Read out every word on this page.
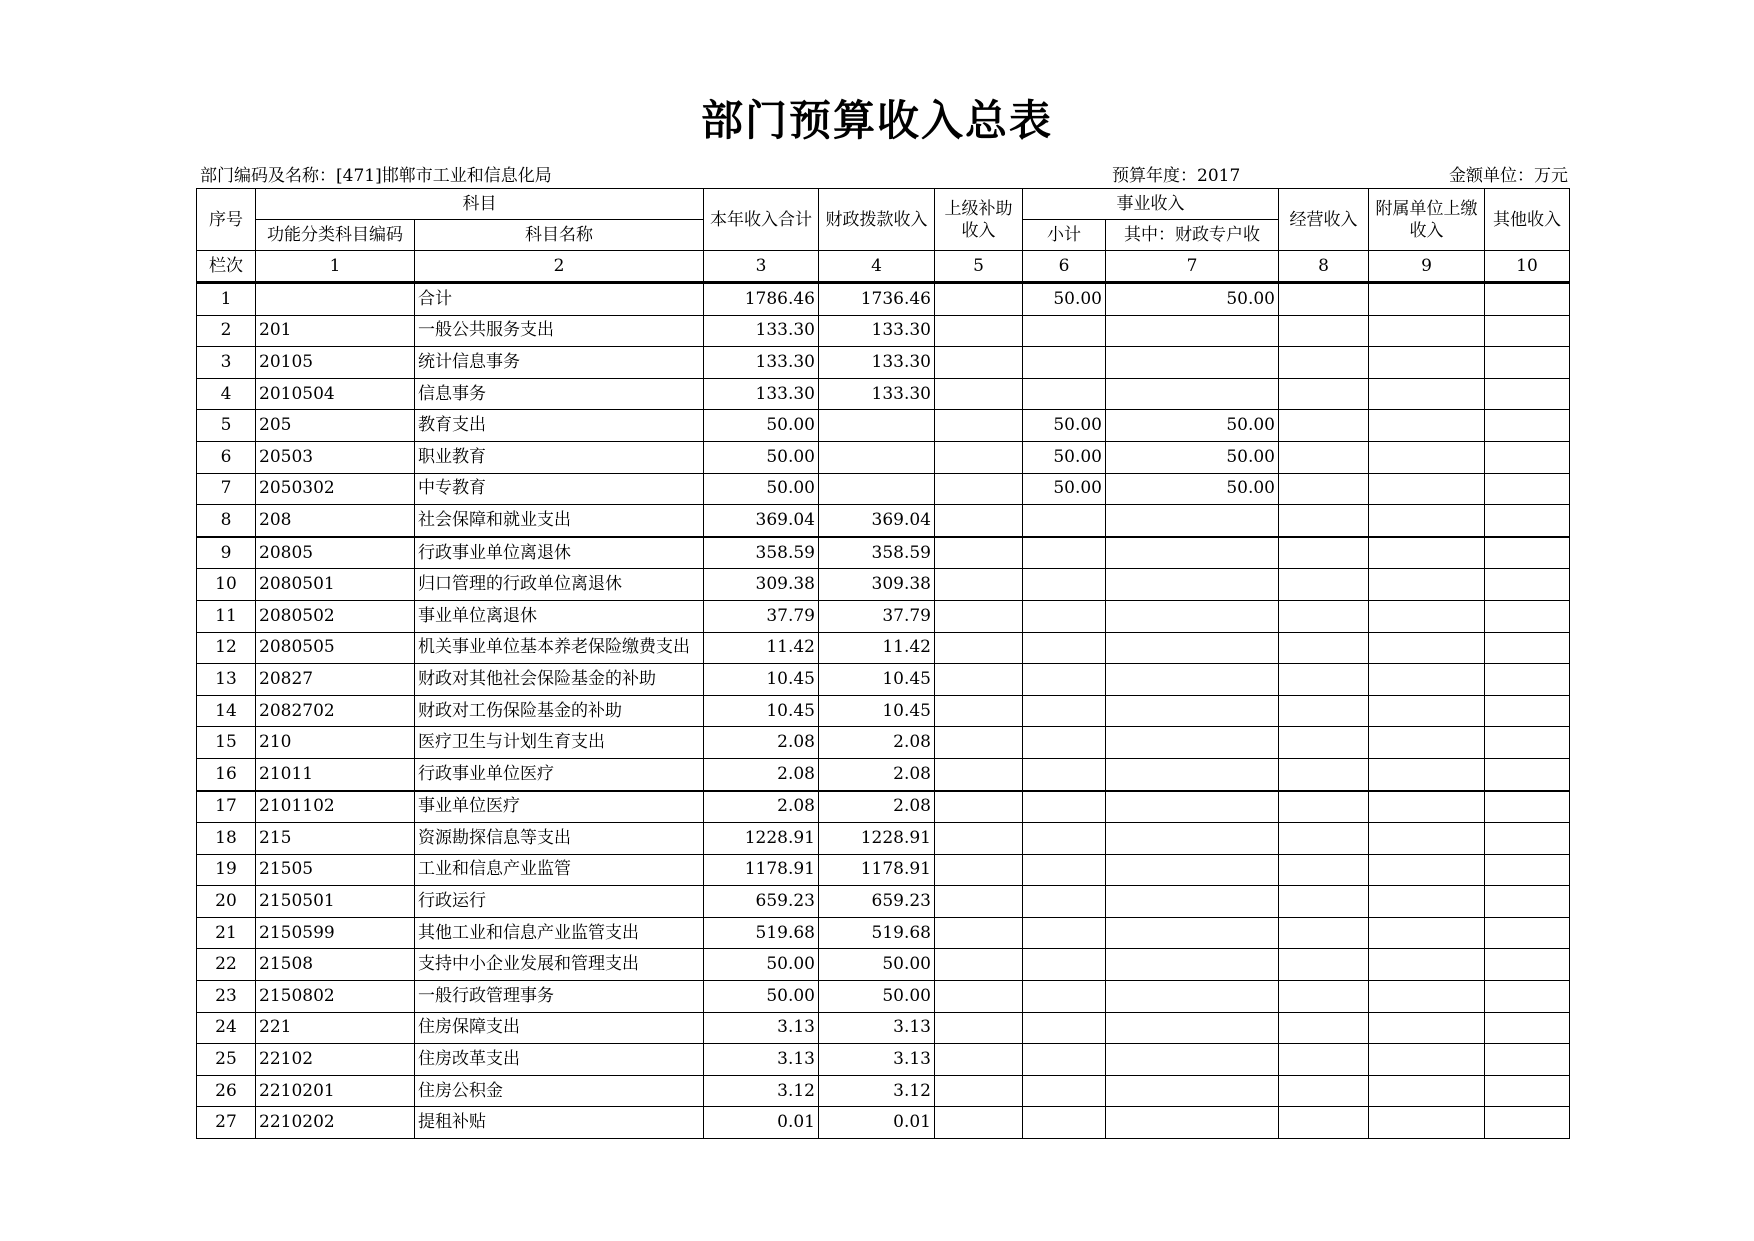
部门预算收入总表
部门编码及名称：[471]邯郸市工业和信息化局	预算年度：2017	金额单位：万元
序号	科目		本年收入合计	财政拨款收入	上级补助收入	事业收入		经营收入	附属单位上缴收入	其他收入
	功能分类科目编码	科目名称				小计	其中：财政专户收			
栏次	1	2	3	4	5	6	7	8	9	10
1		合计	1786.46	1736.46		50.00	50.00			
2	201	一般公共服务支出	133.30	133.30						
3	20105	统计信息事务	133.30	133.30						
4	2010504	信息事务	133.30	133.30						
5	205	教育支出	50.00			50.00	50.00			
6	20503	职业教育	50.00			50.00	50.00			
7	2050302	中专教育	50.00			50.00	50.00			
8	208	社会保障和就业支出	369.04	369.04						
9	20805	行政事业单位离退休	358.59	358.59						
10	2080501	归口管理的行政单位离退休	309.38	309.38						
11	2080502	事业单位离退休	37.79	37.79						
12	2080505	机关事业单位基本养老保险缴费支出	11.42	11.42						
13	20827	财政对其他社会保险基金的补助	10.45	10.45						
14	2082702	财政对工伤保险基金的补助	10.45	10.45						
15	210	医疗卫生与计划生育支出	2.08	2.08						
16	21011	行政事业单位医疗	2.08	2.08						
17	2101102	事业单位医疗	2.08	2.08						
18	215	资源勘探信息等支出	1228.91	1228.91						
19	21505	工业和信息产业监管	1178.91	1178.91						
20	2150501	行政运行	659.23	659.23						
21	2150599	其他工业和信息产业监管支出	519.68	519.68						
22	21508	支持中小企业发展和管理支出	50.00	50.00						
23	2150802	一般行政管理事务	50.00	50.00						
24	221	住房保障支出	3.13	3.13						
25	22102	住房改革支出	3.13	3.13						
26	2210201	住房公积金	3.12	3.12						
27	2210202	提租补贴	0.01	0.01						
